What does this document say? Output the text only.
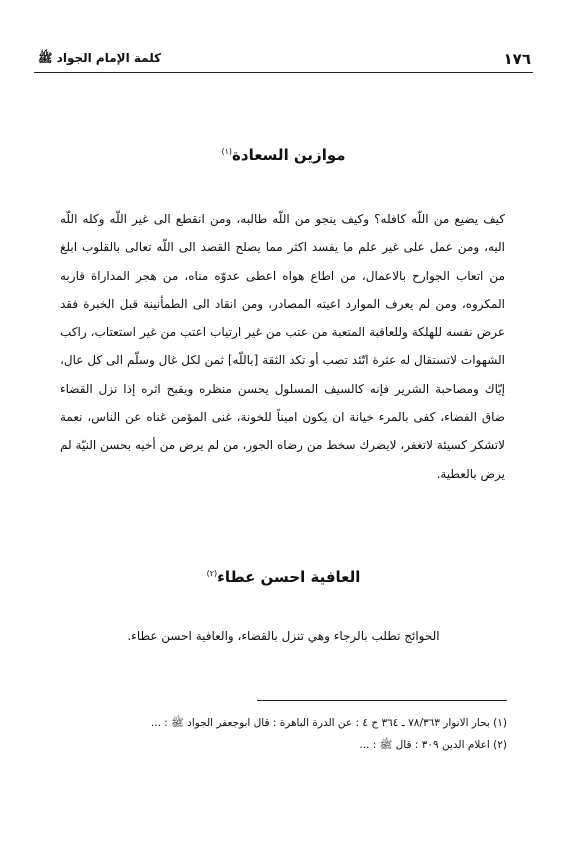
١٧٦
كلمة الإمام الجواد ﷺ
موازين السعادة$^{(١)}$

كيف يضيع من اللّه كافله؟ وكيف ينجو من اللّه طالبه، ومن انقطع الى غير اللّه وكله اللّه اليه، ومن عمل على غير علم ما يفسد اكثر مما يصلح القصد الى اللّه تعالى بالقلوب ابلغ من اتعاب الجوارح بالاعمال، من اطاع هواه اعطى عدوّه مناه، من هجر المداراة قاربه المكروه، ومن لم يعرف الموارد اعيته المصادر، ومن انقاد الى الطمأنينة قبل الخبرة فقد عرض نفسه للهلكة وللعاقبة المتعبة من عتب من غير ارتياب اعتب من غير استعتاب، راكب الشهوات لاتستقال له عثرة اتّئد تصب أو تكد الثقة [باللّه] ثمن لكل غال وسلّم الى كل عال، إيّاك ومصاحبة الشرير فإنه كالسيف المسلول يحسن منظره ويقبح اثره إذا نزل القضاء ضاق الفضاء، كفى بالمرء خيانة ان يكون اميناً للخونة، غنى المؤمن غناه عن الناس، نعمة لاتشكر كسيئة لاتغفر، لايضرك سخط من رضاه الجور، من لم يرض من أخيه بحسن النيّة لم يرض بالعطية.

العافية احسن عطاء$^{(٢)}$

الحوائج تطلب بالرجاء وهي تنزل بالقضاء، والعافية احسن عطاء.

(١) بحار الانوار ٧٨/٣٦٣ ـ ٣٦٤ ح ٤ : عن الدرة الباهرة : قال ابوجعفر الجواد ﷺ : ...
(٢) اعلام الدين ٣٠٩ : قال ﷺ : ...
